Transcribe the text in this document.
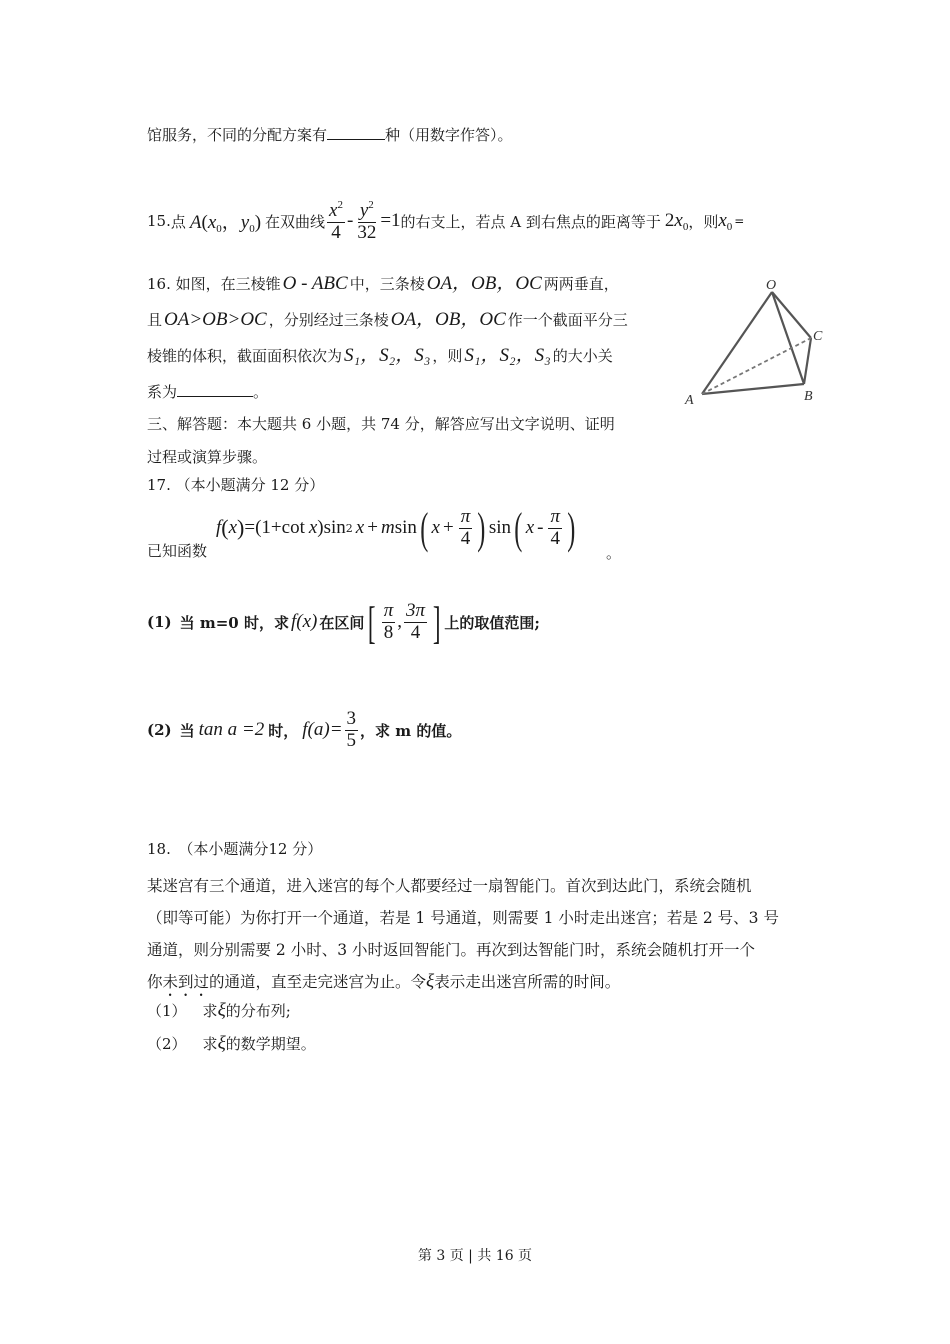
馆服务，不同的分配方案有	种（用数字作答）。
15. 点 $A(x_0$，$y_0$) 在双曲线 $\frac{x^2}{4} - \frac{y^2}{32} =1$ 的右支上，若点 A 到右焦点的距离等于 $2x_0$ ，则 $x_0$ =
16. 如图，在三棱锥 O - ABC 中，三条棱 OA，OB，OC 两两垂直，
且 OA>OB>OC ，分别经过三条棱 OA，OB，OC 作一个截面平分三
棱锥的体积，截面面积依次为 S₁，S₂，S₃ ，则 S₁，S₂，S₃ 的大小关
系为	。
O
A	B
C
三、解答题：本大题共 6 小题，共 74 分，解答应写出文字说明、证明
过程或演算步骤。
17. （本小题满分 12 分）
f ( x ) =(1+cot x )sin 2 x + m sin ( $x + \frac{\pi}{4}$ ) sin ( x - $\frac{\pi}{4}$ )
已知函数	。
(1) 当 m=0 时，求 f(x) 在区间 [ $\frac{\pi}{8}$ , $\frac{3\pi}{4}$ ] 上的取值范围;
(2) 当 tan a =2 时， $f(a)= \frac{3}{5}$ ，求 m 的值。
18.　（本小题满分12 分）
某迷宫有三个通道，进入迷宫的每个人都要经过一扇智能门。首次到达此门，系统会随机
（即等可能）为你打开一个通道，若是 1 号通道，则需要 1 小时走出迷宫；若是 2 号、3 号
通道，则分别需要 2 小时、3 小时返回智能门。再次到达智能门时，系统会随机打开一个
你未到过的通道，直至走完迷宫为止。令ξ表示走出迷宫所需的时间。
（1） 求ξ的分布列;
（2） 求ξ的数学期望。
第 3 页 | 共 16 页
